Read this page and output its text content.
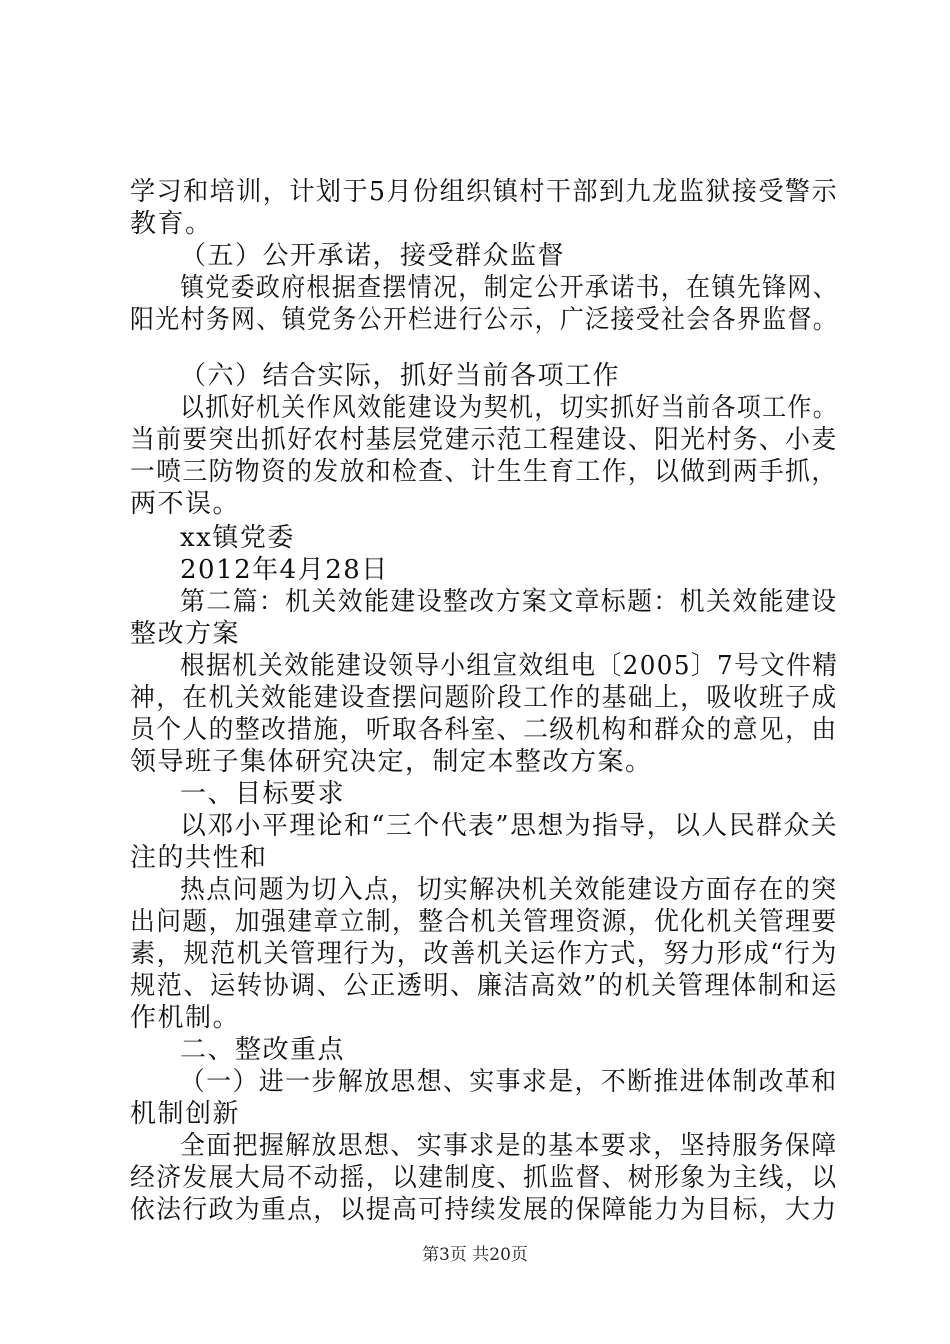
学习和培训，计划于5月份组织镇村干部到九龙监狱接受警示
教育。
（五）公开承诺，接受群众监督
镇党委政府根据查摆情况，制定公开承诺书，在镇先锋网、
阳光村务网、镇党务公开栏进行公示，广泛接受社会各界监督。
（六）结合实际，抓好当前各项工作
以抓好机关作风效能建设为契机，切实抓好当前各项工作。
当前要突出抓好农村基层党建示范工程建设、阳光村务、小麦
一喷三防物资的发放和检查、计生生育工作，以做到两手抓，
两不误。
xx镇党委
2012年4月28日
第二篇：机关效能建设整改方案文章标题：机关效能建设
整改方案
根据机关效能建设领导小组宣效组电〔2005〕7号文件精
神，在机关效能建设查摆问题阶段工作的基础上，吸收班子成
员个人的整改措施，听取各科室、二级机构和群众的意见，由
领导班子集体研究决定，制定本整改方案。
一、目标要求
以邓小平理论和“三个代表”思想为指导，以人民群众关
注的共性和
热点问题为切入点，切实解决机关效能建设方面存在的突
出问题，加强建章立制，整合机关管理资源，优化机关管理要
素，规范机关管理行为，改善机关运作方式，努力形成“行为
规范、运转协调、公正透明、廉洁高效”的机关管理体制和运
作机制。
二、整改重点
（一）进一步解放思想、实事求是，不断推进体制改革和
机制创新
全面把握解放思想、实事求是的基本要求，坚持服务保障
经济发展大局不动摇，以建制度、抓监督、树形象为主线，以
依法行政为重点，以提高可持续发展的保障能力为目标，大力
第3页 共20页
